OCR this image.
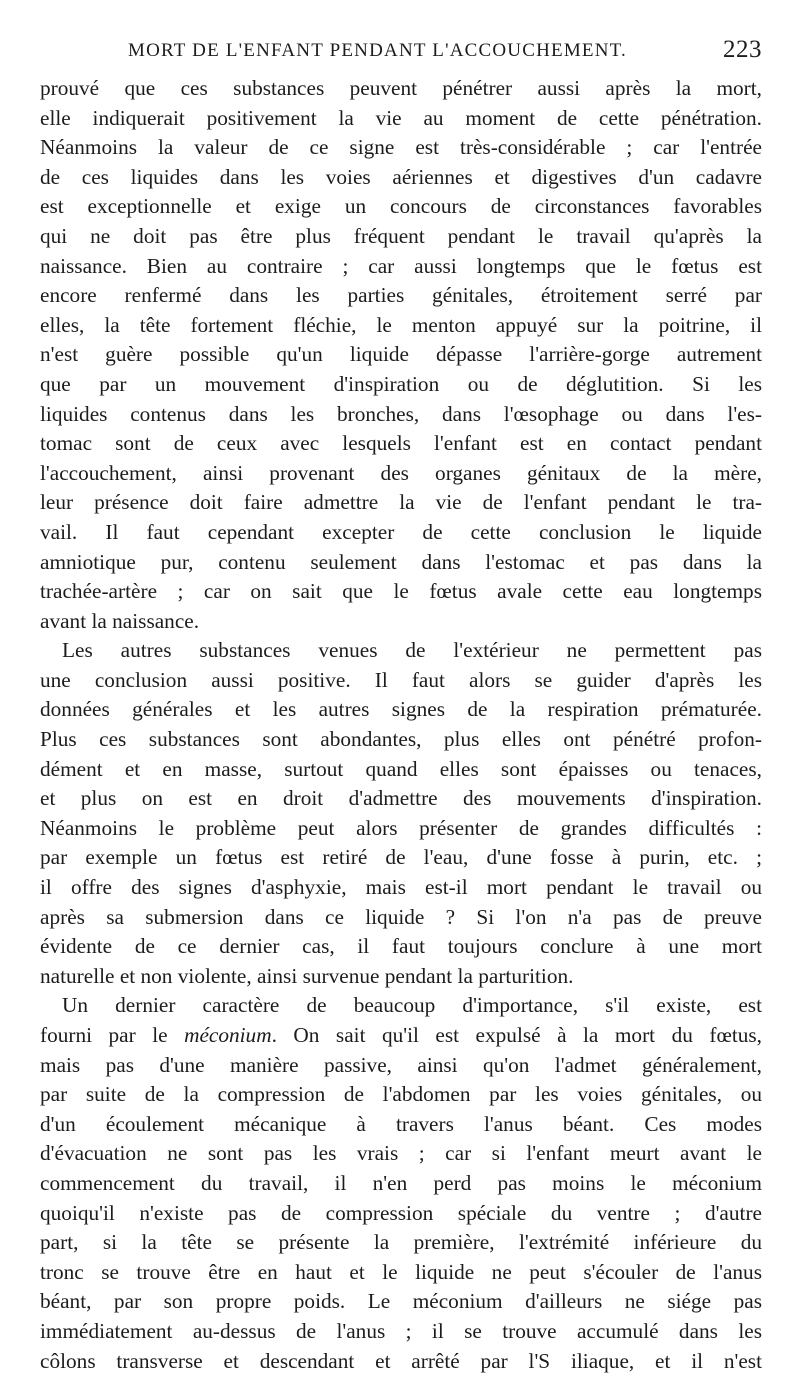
MORT DE L'ENFANT PENDANT L'ACCOUCHEMENT.	223
prouvé que ces substances peuvent pénétrer aussi après la mort,
elle indiquerait positivement la vie au moment de cette pénétration.
Néanmoins la valeur de ce signe est très-considérable ; car l'entrée
de ces liquides dans les voies aériennes et digestives d'un cadavre
est exceptionnelle et exige un concours de circonstances favorables
qui ne doit pas être plus fréquent pendant le travail qu'après la
naissance. Bien au contraire ; car aussi longtemps que le fœtus est
encore renfermé dans les parties génitales, étroitement serré par
elles, la tête fortement fléchie, le menton appuyé sur la poitrine, il
n'est guère possible qu'un liquide dépasse l'arrière-gorge autrement
que par un mouvement d'inspiration ou de déglutition. Si les
liquides contenus dans les bronches, dans l'œsophage ou dans l'es-
tomac sont de ceux avec lesquels l'enfant est en contact pendant
l'accouchement, ainsi provenant des organes génitaux de la mère,
leur présence doit faire admettre la vie de l'enfant pendant le tra-
vail. Il faut cependant excepter de cette conclusion le liquide
amniotique pur, contenu seulement dans l'estomac et pas dans la
trachée-artère ; car on sait que le fœtus avale cette eau longtemps
avant la naissance.
Les autres substances venues de l'extérieur ne permettent pas
une conclusion aussi positive. Il faut alors se guider d'après les
données générales et les autres signes de la respiration prématurée.
Plus ces substances sont abondantes, plus elles ont pénétré profon-
dément et en masse, surtout quand elles sont épaisses ou tenaces,
et plus on est en droit d'admettre des mouvements d'inspiration.
Néanmoins le problème peut alors présenter de grandes difficultés :
par exemple un fœtus est retiré de l'eau, d'une fosse à purin, etc. ;
il offre des signes d'asphyxie, mais est-il mort pendant le travail ou
après sa submersion dans ce liquide ? Si l'on n'a pas de preuve
évidente de ce dernier cas, il faut toujours conclure à une mort
naturelle et non violente, ainsi survenue pendant la parturition.
Un dernier caractère de beaucoup d'importance, s'il existe, est
fourni par le méconium. On sait qu'il est expulsé à la mort du fœtus,
mais pas d'une manière passive, ainsi qu'on l'admet généralement,
par suite de la compression de l'abdomen par les voies génitales, ou
d'un écoulement mécanique à travers l'anus béant. Ces modes
d'évacuation ne sont pas les vrais ; car si l'enfant meurt avant le
commencement du travail, il n'en perd pas moins le méconium
quoiqu'il n'existe pas de compression spéciale du ventre ; d'autre
part, si la tête se présente la première, l'extrémité inférieure du
tronc se trouve être en haut et le liquide ne peut s'écouler de l'anus
béant, par son propre poids. Le méconium d'ailleurs ne siége pas
immédiatement au-dessus de l'anus ; il se trouve accumulé dans les
côlons transverse et descendant et arrêté par l'S iliaque, et il n'est
